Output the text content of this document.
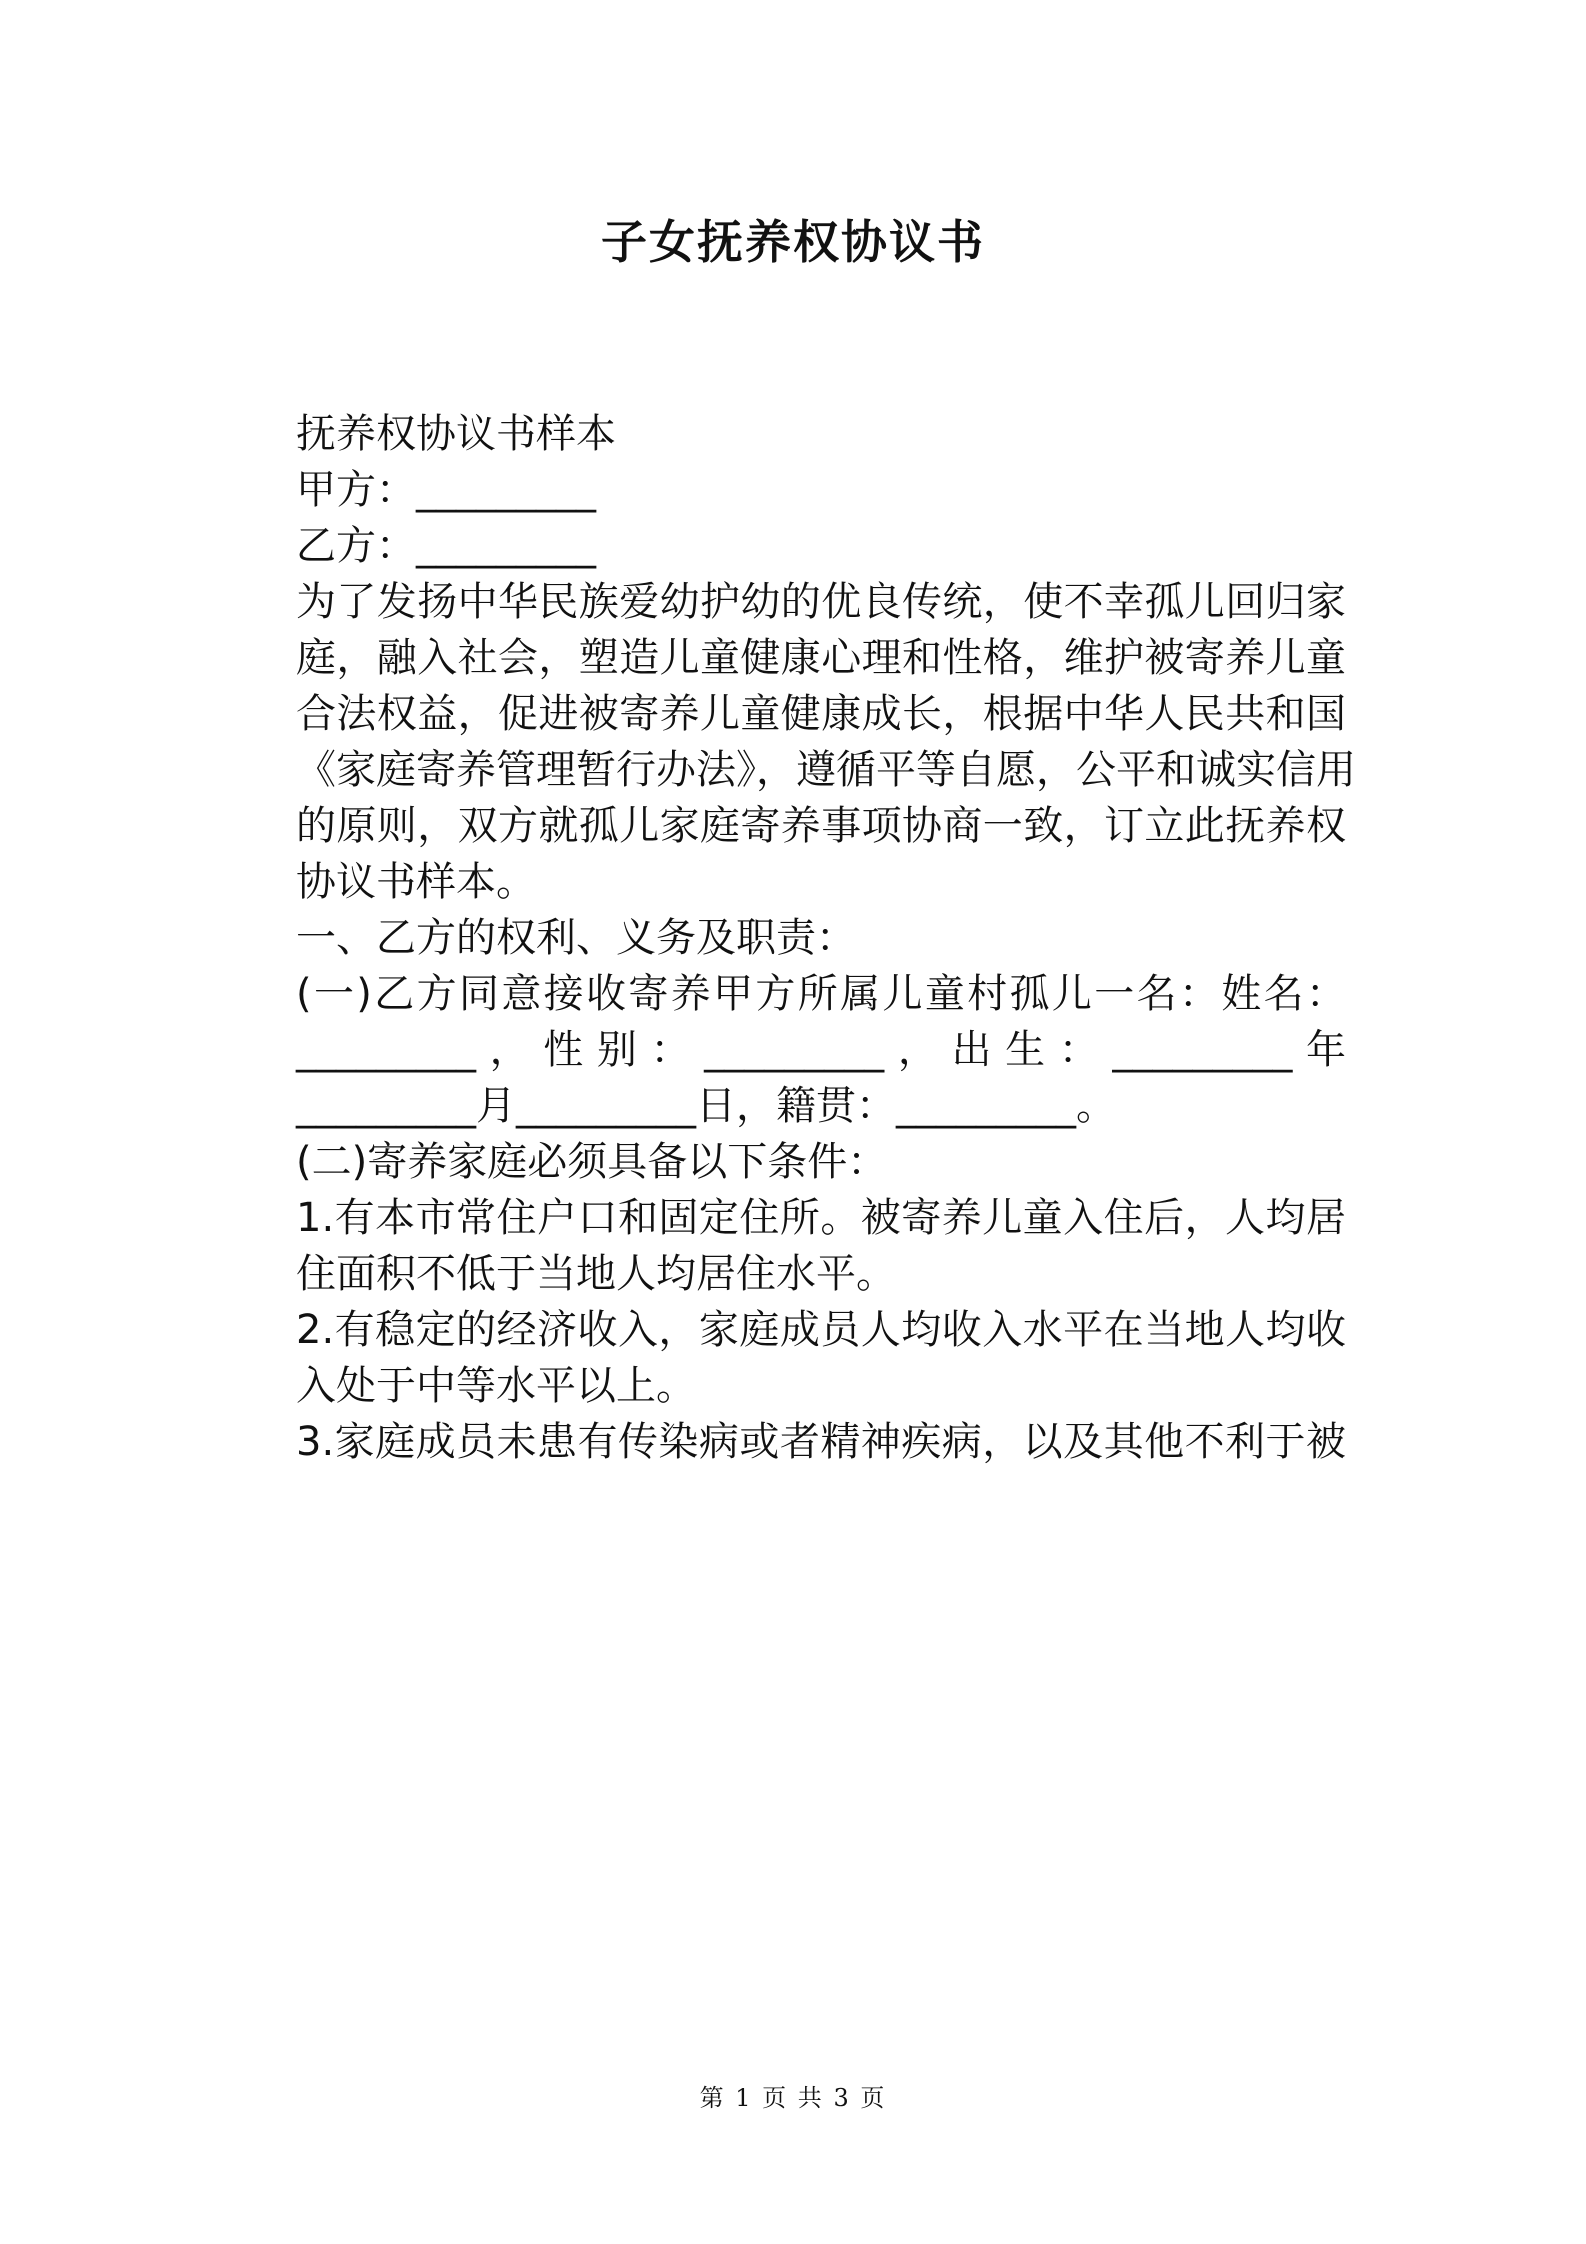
子女抚养权协议书
抚养权协议书样本
甲方：_________
乙方：_________
为了发扬中华民族爱幼护幼的优良传统，使不幸孤儿回归家
庭，融入社会，塑造儿童健康心理和性格，维护被寄养儿童
合法权益，促进被寄养儿童健康成长，根据中华人民共和国
《家庭寄养管理暂行办法》，遵循平等自愿，公平和诚实信用
的原则，双方就孤儿家庭寄养事项协商一致，订立此抚养权
协议书样本。
一、乙方的权利、义务及职责：
(一)乙方同意接收寄养甲方所属儿童村孤儿一名：姓名：
_________，性别：_________，出生：_________年
_________月_________日，籍贯：_________。
(二)寄养家庭必须具备以下条件：
1.有本市常住户口和固定住所。被寄养儿童入住后，人均居
住面积不低于当地人均居住水平。
2.有稳定的经济收入，家庭成员人均收入水平在当地人均收
入处于中等水平以上。
3.家庭成员未患有传染病或者精神疾病，以及其他不利于被
第 1 页 共 3 页
